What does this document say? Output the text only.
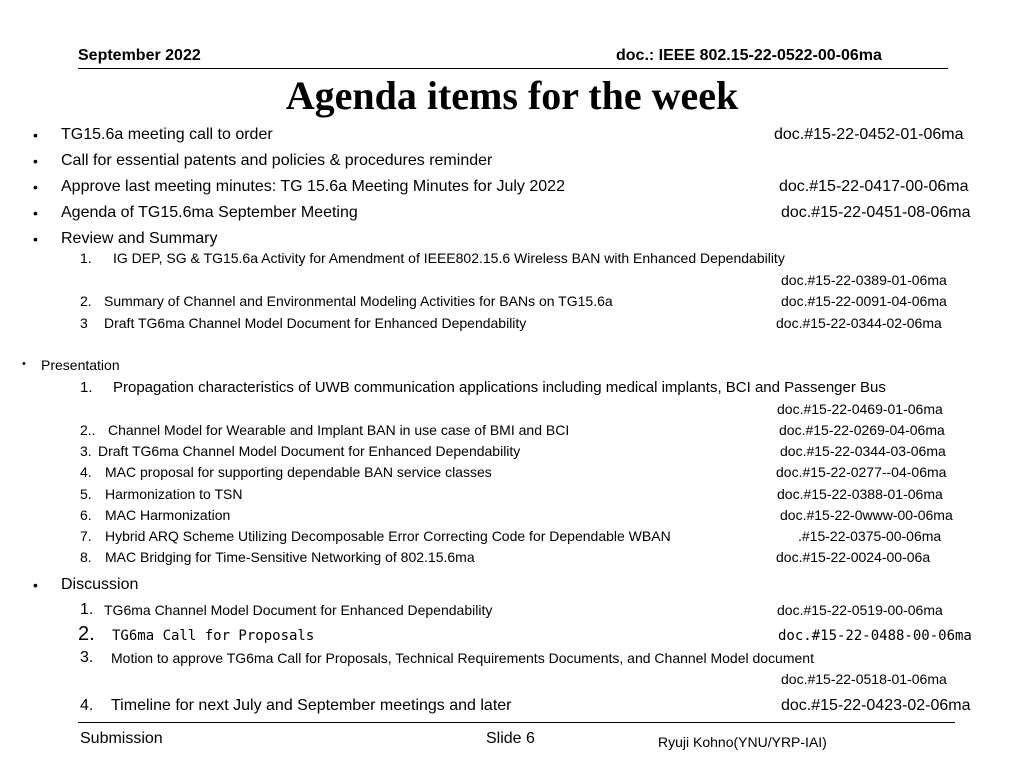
September 2022	doc.: IEEE 802.15-22-0522-00-06ma
Agenda items for the week
• TG15.6a meeting call to order	doc.#15-22-0452-01-06ma
• Call for essential patents and policies & procedures reminder
• Approve last meeting minutes: TG 15.6a Meeting Minutes for July 2022	doc.#15-22-0417-00-06ma
• Agenda of TG15.6ma September Meeting	doc.#15-22-0451-08-06ma
• Review and Summary
1. IG DEP, SG & TG15.6a Activity for Amendment of IEEE802.15.6 Wireless BAN with Enhanced Dependability
doc.#15-22-0389-01-06ma
2. Summary of Channel and Environmental Modeling Activities for BANs on TG15.6a	doc.#15-22-0091-04-06ma
3 Draft TG6ma Channel Model Document for Enhanced Dependability	doc.#15-22-0344-02-06ma
• Presentation
1. Propagation characteristics of UWB communication applications including medical implants, BCI and Passenger Bus
doc.#15-22-0469-01-06ma
2.. Channel Model for Wearable and Implant BAN in use case of BMI and BCI	doc.#15-22-0269-04-06ma
3. Draft TG6ma Channel Model Document for Enhanced Dependability	doc.#15-22-0344-03-06ma
4. MAC proposal for supporting dependable BAN service classes	doc.#15-22-0277--04-06ma
5. Harmonization to TSN	doc.#15-22-0388-01-06ma
6. MAC Harmonization	doc.#15-22-0www-00-06ma
7. Hybrid ARQ Scheme Utilizing Decomposable Error Correcting Code for Dependable WBAN	.#15-22-0375-00-06ma
8. MAC Bridging for Time-Sensitive Networking of 802.15.6ma	doc.#15-22-0024-00-06a
• Discussion
1. TG6ma Channel Model Document for Enhanced Dependability	doc.#15-22-0519-00-06ma
2. TG6ma Call for Proposals	doc.#15-22-0488-00-06ma
3. Motion to approve TG6ma Call for Proposals, Technical Requirements Documents, and Channel Model document
doc.#15-22-0518-01-06ma
4. Timeline for next July and September meetings and later	doc.#15-22-0423-02-06ma
Submission	Slide 6	Ryuji Kohno(YNU/YRP-IAI)
